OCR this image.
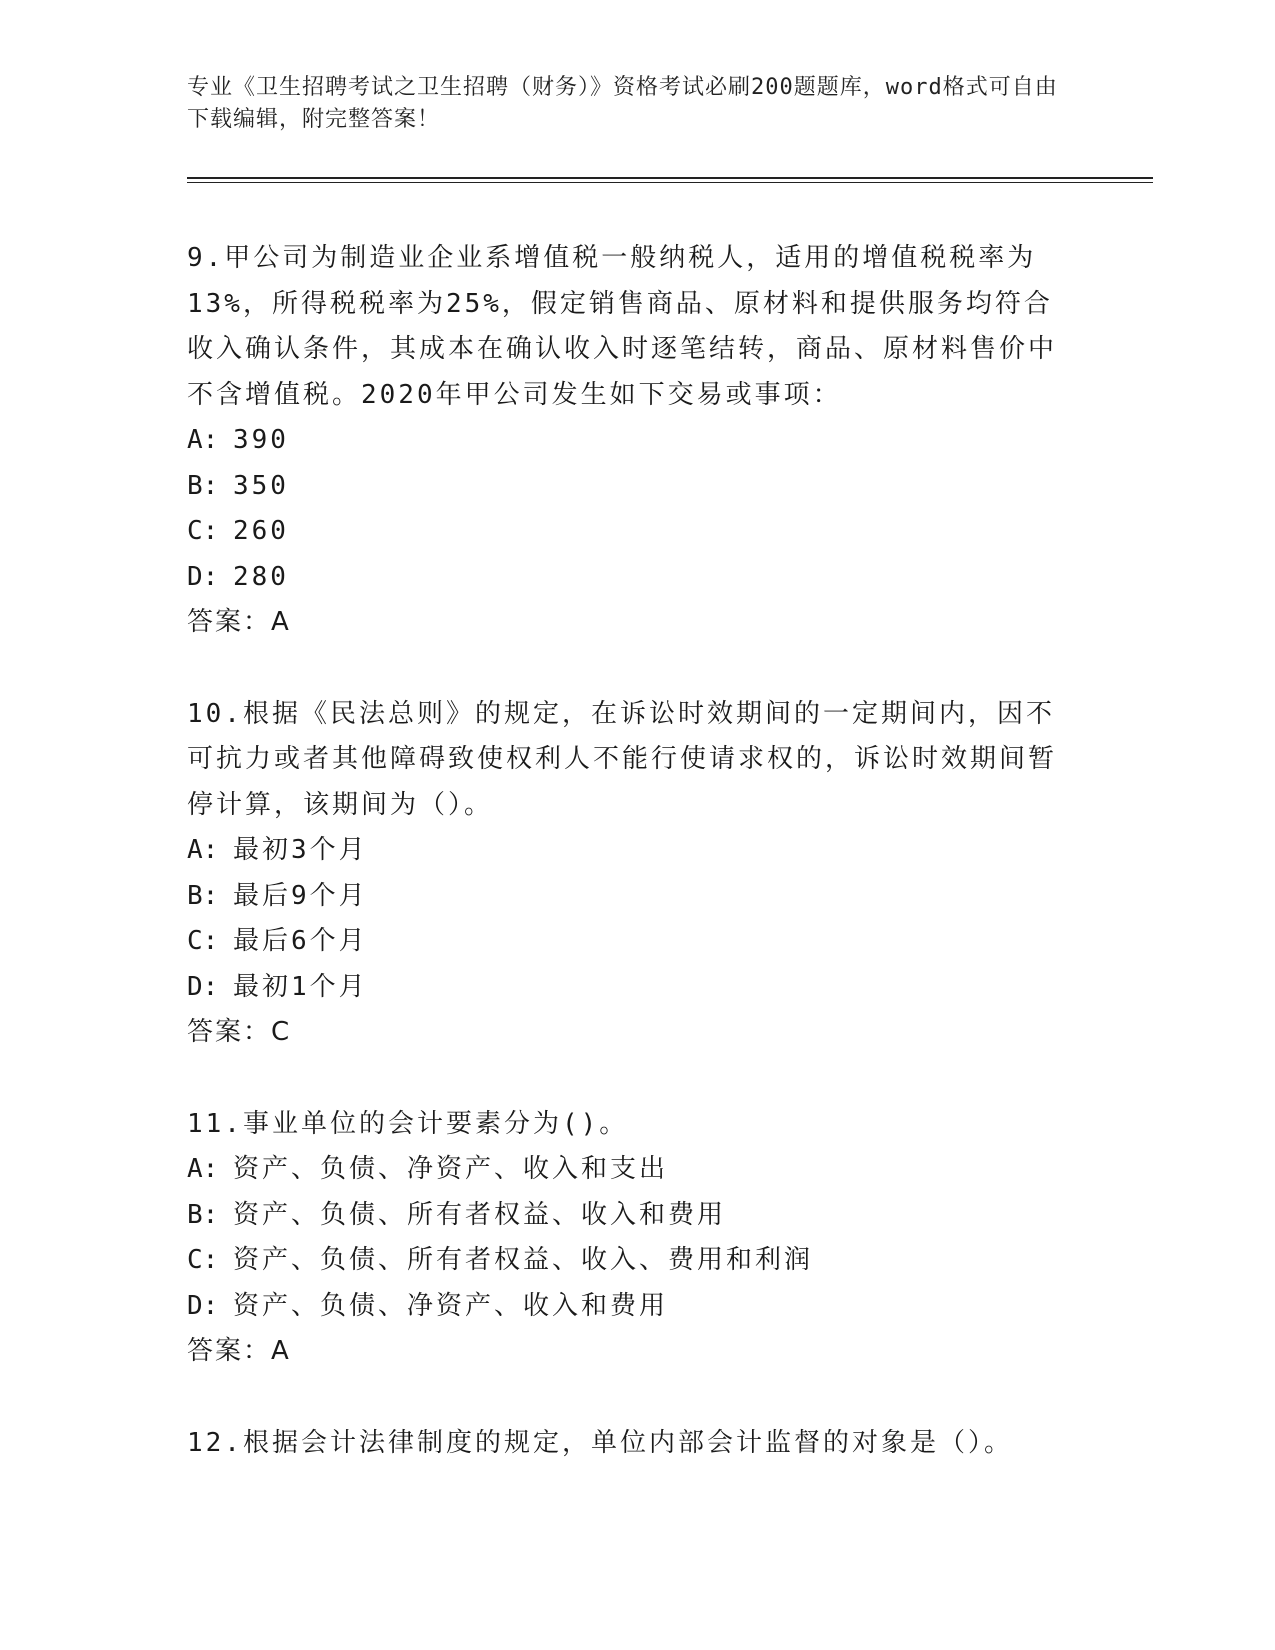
专业《卫生招聘考试之卫生招聘（财务）》资格考试必刷200题题库，word格式可自由下载编辑，附完整答案！

9.甲公司为制造业企业系增值税一般纳税人，适用的增值税税率为13%，所得税税率为25%，假定销售商品、原材料和提供服务均符合收入确认条件，其成本在确认收入时逐笔结转，商品、原材料售价中不含增值税。2020年甲公司发生如下交易或事项：

A: 390

B: 350

C: 260

D: 280

答案：A

10.根据《民法总则》的规定，在诉讼时效期间的一定期间内，因不可抗力或者其他障碍致使权利人不能行使请求权的，诉讼时效期间暂停计算，该期间为（）。

A: 最初3个月

B: 最后9个月

C: 最后6个月

D: 最初1个月

答案：C

11.事业单位的会计要素分为()。

A: 资产、负债、净资产、收入和支出

B: 资产、负债、所有者权益、收入和费用

C: 资产、负债、所有者权益、收入、费用和利润

D: 资产、负债、净资产、收入和费用

答案：A

12.根据会计法律制度的规定，单位内部会计监督的对象是（）。
